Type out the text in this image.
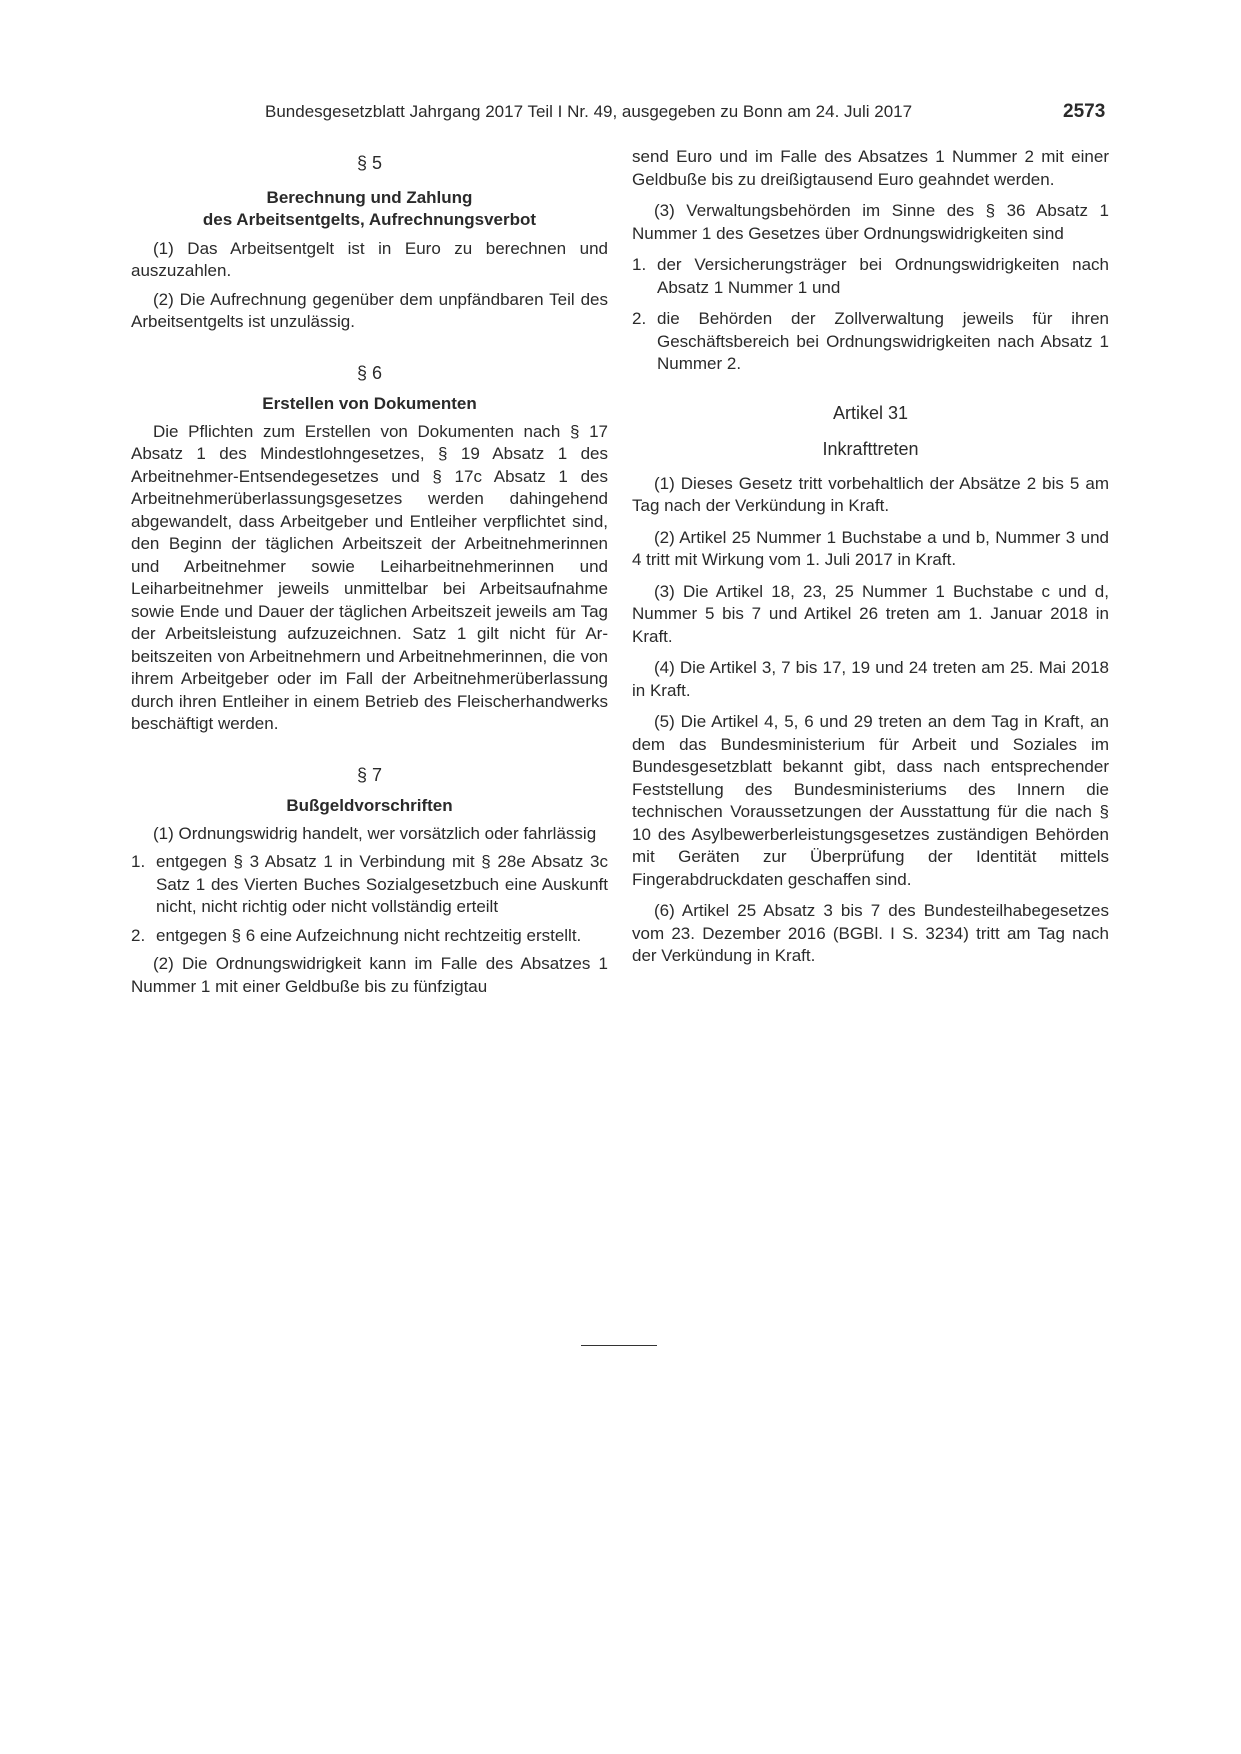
Bundesgesetzblatt Jahrgang 2017 Teil I Nr. 49, ausgegeben zu Bonn am 24. Juli 2017	2573

§ 5

Berechnung und Zahlung

des Arbeitsentgelts, Aufrechnungsverbot

(1) Das Arbeitsentgelt ist in Euro zu berechnen und auszuzahlen.

(2) Die Aufrechnung gegenüber dem unpfändbaren Teil des Arbeitsentgelts ist unzulässig.

§ 6

Erstellen von Dokumenten

Die Pflichten zum Erstellen von Dokumenten nach § 17 Absatz 1 des Mindestlohngesetzes, § 19 Absatz 1 des Arbeitnehmer-Entsendegesetzes und § 17c Absatz 1 des Arbeitnehmerüberlassungsgesetzes werden dahingehend abgewandelt, dass Arbeitgeber und Entleiher verpflichtet sind, den Beginn der täglichen Arbeitszeit der Arbeitnehmerinnen und Arbeitnehmer sowie Leiharbeitnehmerinnen und Leiharbeitnehmer jeweils unmittelbar bei Arbeitsaufnahme sowie Ende und Dauer der täglichen Arbeitszeit jeweils am Tag der Arbeitsleistung aufzuzeichnen. Satz 1 gilt nicht für Arbeitszeiten von Arbeitnehmern und Arbeitnehmerinnen, die von ihrem Arbeitgeber oder im Fall der Arbeitnehmerüberlassung durch ihren Entleiher in einem Betrieb des Fleischerhandwerks beschäftigt werden.

§ 7

Bußgeldvorschriften

(1) Ordnungswidrig handelt, wer vorsätzlich oder fahrlässig

1. entgegen § 3 Absatz 1 in Verbindung mit § 28e Absatz 3c Satz 1 des Vierten Buches Sozialgesetzbuch eine Auskunft nicht, nicht richtig oder nicht vollständig erteilt
2. entgegen § 6 eine Aufzeichnung nicht rechtzeitig erstellt.

(2) Die Ordnungswidrigkeit kann im Falle des Absatzes 1 Nummer 1 mit einer Geldbuße bis zu fünfzigtau

send Euro und im Falle des Absatzes 1 Nummer 2 mit einer Geldbuße bis zu dreißigtausend Euro geahndet werden.

(3) Verwaltungsbehörden im Sinne des § 36 Absatz 1 Nummer 1 des Gesetzes über Ordnungswidrigkeiten sind

1. der Versicherungsträger bei Ordnungswidrigkeiten nach Absatz 1 Nummer 1 und
2. die Behörden der Zollverwaltung jeweils für ihren Geschäftsbereich bei Ordnungswidrigkeiten nach Absatz 1 Nummer 2.

Artikel 31

Inkrafttreten

(1) Dieses Gesetz tritt vorbehaltlich der Absätze 2 bis 5 am Tag nach der Verkündung in Kraft.

(2) Artikel 25 Nummer 1 Buchstabe a und b, Nummer 3 und 4 tritt mit Wirkung vom 1. Juli 2017 in Kraft.

(3) Die Artikel 18, 23, 25 Nummer 1 Buchstabe c und d, Nummer 5 bis 7 und Artikel 26 treten am 1. Januar 2018 in Kraft.

(4) Die Artikel 3, 7 bis 17, 19 und 24 treten am 25. Mai 2018 in Kraft.

(5) Die Artikel 4, 5, 6 und 29 treten an dem Tag in Kraft, an dem das Bundesministerium für Arbeit und Soziales im Bundesgesetzblatt bekannt gibt, dass nach entsprechender Feststellung des Bundesministeriums des Innern die technischen Voraussetzungen der Ausstattung für die nach § 10 des Asylbewerberleistungsgesetzes zuständigen Behörden mit Geräten zur Überprüfung der Identität mittels Fingerabdruckdaten geschaffen sind.

(6) Artikel 25 Absatz 3 bis 7 des Bundesteilhabegesetzes vom 23. Dezember 2016 (BGBl. I S. 3234) tritt am Tag nach der Verkündung in Kraft.
